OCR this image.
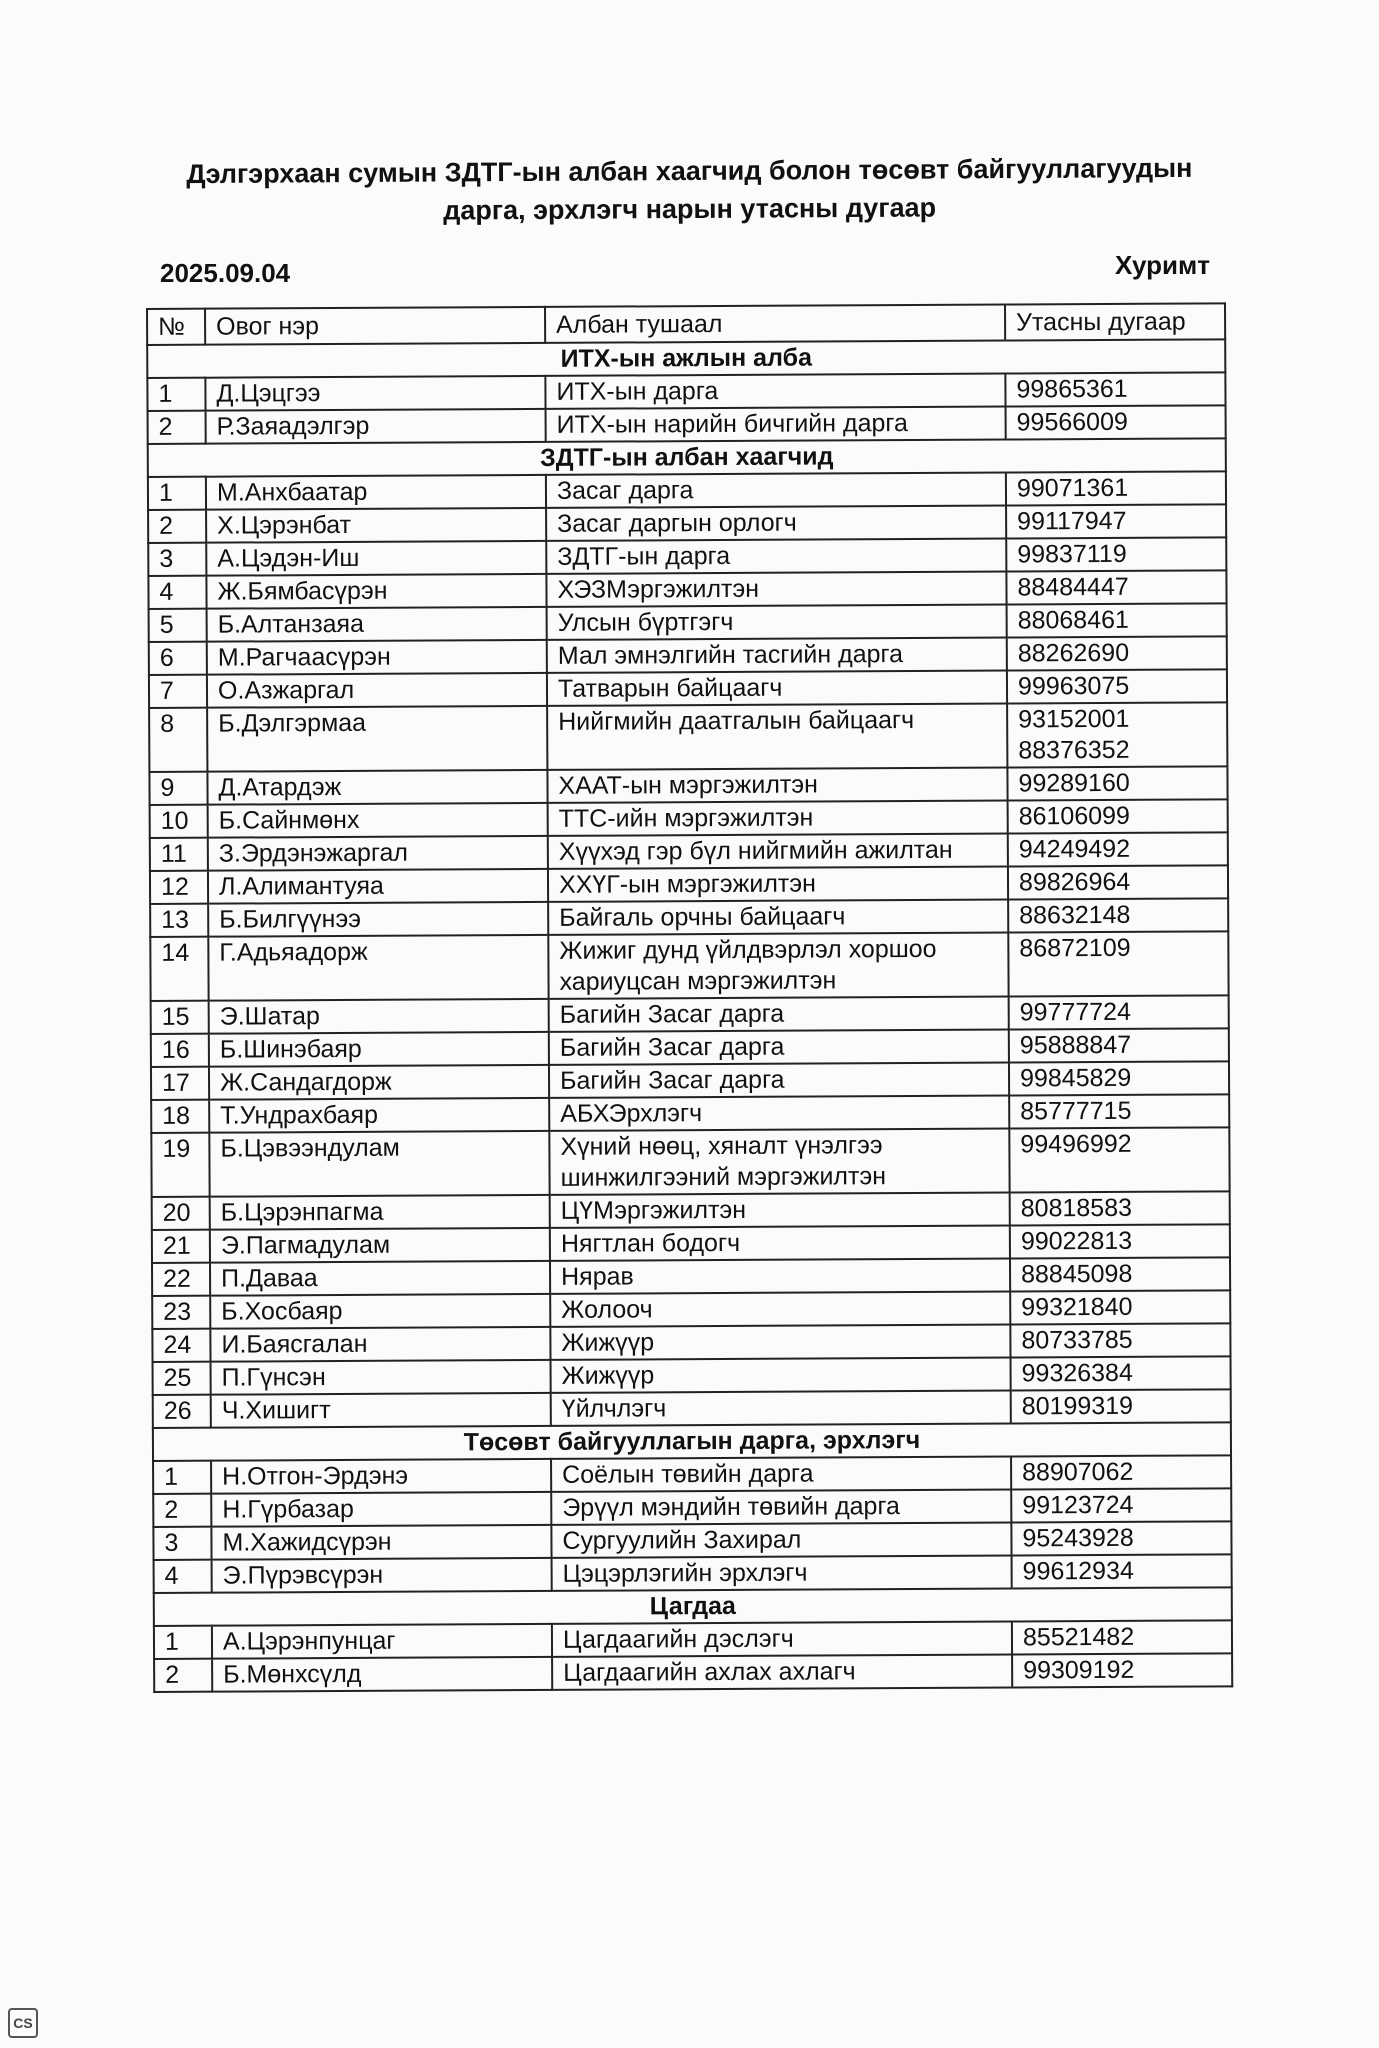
Дэлгэрхаан сумын ЗДТГ-ын албан хаагчид болон төсөвт байгууллагуудын
дарга, эрхлэгч нарын утасны дугаар
2025.09.04	Хуримт
№	Овог нэр	Албан тушаал	Утасны дугаар
ИТХ-ын ажлын алба			
1	Д.Цэцгээ	ИТХ-ын дарга	99865361
2	Р.Заяадэлгэр	ИТХ-ын нарийн бичгийн дарга	99566009
ЗДТГ-ын албан хаагчид			
1	М.Анхбаатар	Засаг дарга	99071361
2	Х.Цэрэнбат	Засаг даргын орлогч	99117947
3	А.Цэдэн-Иш	ЗДТГ-ын дарга	99837119
4	Ж.Бямбасүрэн	ХЭЗМэргэжилтэн	88484447
5	Б.Алтанзаяа	Улсын бүртгэгч	88068461
6	М.Рагчаасүрэн	Мал эмнэлгийн тасгийн дарга	88262690
7	О.Азжаргал	Татварын байцаагч	99963075
8	Б.Дэлгэрмаа	Нийгмийн даатгалын байцаагч	93152001
88376352
9	Д.Атардэж	ХААТ-ын мэргэжилтэн	99289160
10	Б.Сайнмөнх	ТТС-ийн мэргэжилтэн	86106099
11	З.Эрдэнэжаргал	Хүүхэд гэр бүл нийгмийн ажилтан	94249492
12	Л.Алимантуяа	ХХҮГ-ын мэргэжилтэн	89826964
13	Б.Билгүүнээ	Байгаль орчны байцаагч	88632148
14	Г.Адьяадорж	Жижиг дунд үйлдвэрлэл хоршоо хариуцсан мэргэжилтэн	86872109
15	Э.Шатар	Багийн Засаг дарга	99777724
16	Б.Шинэбаяр	Багийн Засаг дарга	95888847
17	Ж.Сандагдорж	Багийн Засаг дарга	99845829
18	Т.Ундрахбаяр	АБХЭрхлэгч	85777715
19	Б.Цэвээндулам	Хүний нөөц, хяналт үнэлгээ шинжилгээний мэргэжилтэн	99496992
20	Б.Цэрэнпагма	ЦҮМэргэжилтэн	80818583
21	Э.Пагмадулам	Нягтлан бодогч	99022813
22	П.Даваа	Нярав	88845098
23	Б.Хосбаяр	Жолооч	99321840
24	И.Баясгалан	Жижүүр	80733785
25	П.Гүнсэн	Жижүүр	99326384
26	Ч.Хишигт	Үйлчлэгч	80199319
Төсөвт байгууллагын дарга, эрхлэгч			
1	Н.Отгон-Эрдэнэ	Соёлын төвийн дарга	88907062
2	Н.Гүрбазар	Эрүүл мэндийн төвийн дарга	99123724
3	М.Хажидсүрэн	Сургуулийн Захирал	95243928
4	Э.Пүрэвсүрэн	Цэцэрлэгийн эрхлэгч	99612934
Цагдаа			
1	А.Цэрэнпунцаг	Цагдаагийн дэслэгч	85521482
2	Б.Мөнхсүлд	Цагдаагийн ахлах ахлагч	99309192
CS
